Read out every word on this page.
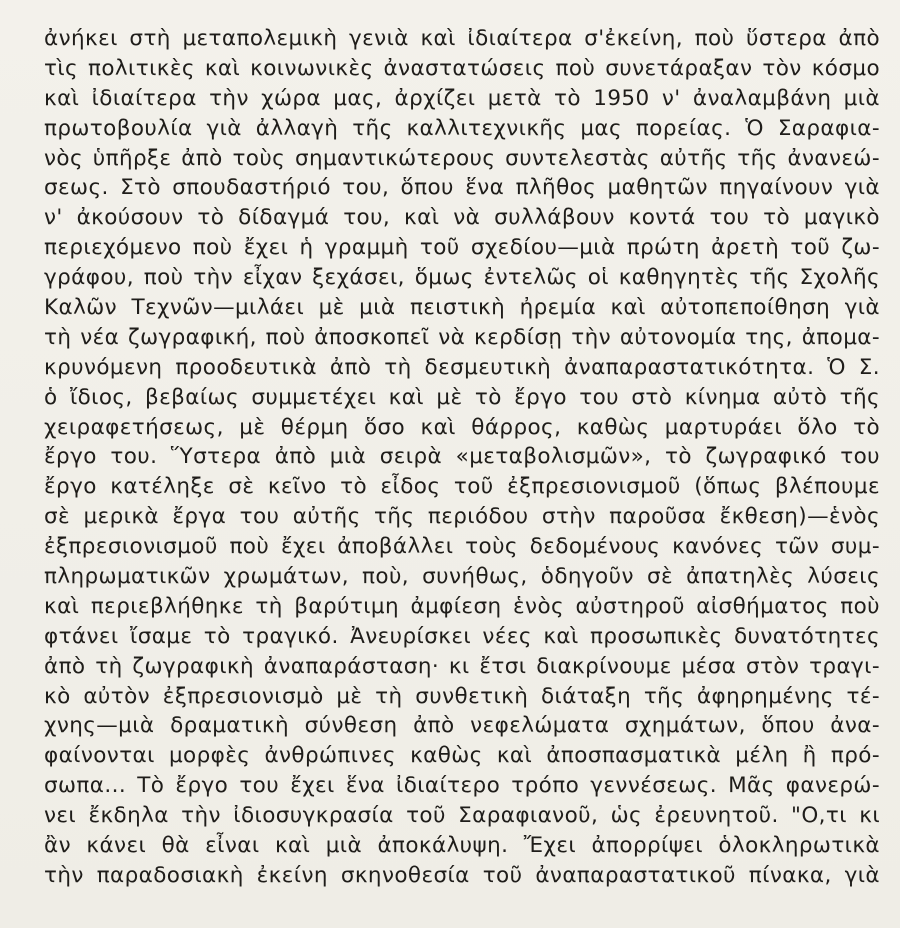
ἀνήκει στὴ μεταπολεμικὴ γενιὰ καὶ ἰδιαίτερα σ'ἐκείνη, ποὺ ὕστερα ἀπὸ
τὶς πολιτικὲς καὶ κοινωνικὲς ἀναστατώσεις ποὺ συνετάραξαν τὸν κόσμο
καὶ ἰδιαίτερα τὴν χώρα μας, ἀρχίζει μετὰ τὸ 1950 ν' ἀναλαμβάνη μιὰ
πρωτοβουλία γιὰ ἀλλαγὴ τῆς καλλιτεχνικῆς μας πορείας. Ὁ Σαραφια-
νὸς ὑπῆρξε ἀπὸ τοὺς σημαντικώτερους συντελεστὰς αὐτῆς τῆς ἀνανεώ-
σεως. Στὸ σπουδαστήριό του, ὅπου ἕνα πλῆθος μαθητῶν πηγαίνουν γιὰ
ν' ἀκούσουν τὸ δίδαγμά του, καὶ νὰ συλλάβουν κοντά του τὸ μαγικὸ
περιεχόμενο ποὺ ἔχει ἡ γραμμὴ τοῦ σχεδίου—μιὰ πρώτη ἀρετὴ τοῦ ζω-
γράφου, ποὺ τὴν εἶχαν ξεχάσει, ὅμως ἐντελῶς οἱ καθηγητὲς τῆς Σχολῆς
Καλῶν Τεχνῶν—μιλάει μὲ μιὰ πειστικὴ ἠρεμία καὶ αὐτοπεποίθηση γιὰ
τὴ νέα ζωγραφική, ποὺ ἀποσκοπεῖ νὰ κερδίσῃ τὴν αὐτονομία της, ἀπομα-
κρυνόμενη προοδευτικὰ ἀπὸ τὴ δεσμευτικὴ ἀναπαραστατικότητα. Ὁ Σ.
ὁ ἴδιος, βεβαίως συμμετέχει καὶ μὲ τὸ ἔργο του στὸ κίνημα αὐτὸ τῆς
χειραφετήσεως, μὲ θέρμη ὅσο καὶ θάρρος, καθὼς μαρτυράει ὅλο τὸ
ἔργο του. Ὕστερα ἀπὸ μιὰ σειρὰ «μεταβολισμῶν», τὸ ζωγραφικό του
ἔργο κατέληξε σὲ κεῖνο τὸ εἶδος τοῦ ἐξπρεσιονισμοῦ (ὅπως βλέπουμε
σὲ μερικὰ ἔργα του αὐτῆς τῆς περιόδου στὴν παροῦσα ἔκθεση)—ἑνὸς
ἐξπρεσιονισμοῦ ποὺ ἔχει ἀποβάλλει τοὺς δεδομένους κανόνες τῶν συμ-
πληρωματικῶν χρωμάτων, ποὺ, συνήθως, ὁδηγοῦν σὲ ἀπατηλὲς λύσεις
καὶ περιεβλήθηκε τὴ βαρύτιμη ἀμφίεση ἑνὸς αὐστηροῦ αἰσθήματος ποὺ
φτάνει ἴσαμε τὸ τραγικό. Ἀνευρίσκει νέες καὶ προσωπικὲς δυνατότητες
ἀπὸ τὴ ζωγραφικὴ ἀναπαράσταση· κι ἔτσι διακρίνουμε μέσα στὸν τραγι-
κὸ αὐτὸν ἐξπρεσιονισμὸ μὲ τὴ συνθετικὴ διάταξη τῆς ἀφηρημένης τέ-
χνης—μιὰ δραματικὴ σύνθεση ἀπὸ νεφελώματα σχημάτων, ὅπου ἀνα-
φαίνονται μορφὲς ἀνθρώπινες καθὼς καὶ ἀποσπασματικὰ μέλη ἢ πρό-
σωπα... Τὸ ἔργο του ἔχει ἕνα ἰδιαίτερο τρόπο γεννέσεως. Μᾶς φανερώ-
νει ἔκδηλα τὴν ἰδιοσυγκρασία τοῦ Σαραφιανοῦ, ὡς ἐρευνητοῦ. "Ο,τι κι
ἂν κάνει θὰ εἶναι καὶ μιὰ ἀποκάλυψη. Ἔχει ἀπορρίψει ὁλοκληρωτικὰ
τὴν παραδοσιακὴ ἐκείνη σκηνοθεσία τοῦ ἀναπαραστατικοῦ πίνακα, γιὰ
